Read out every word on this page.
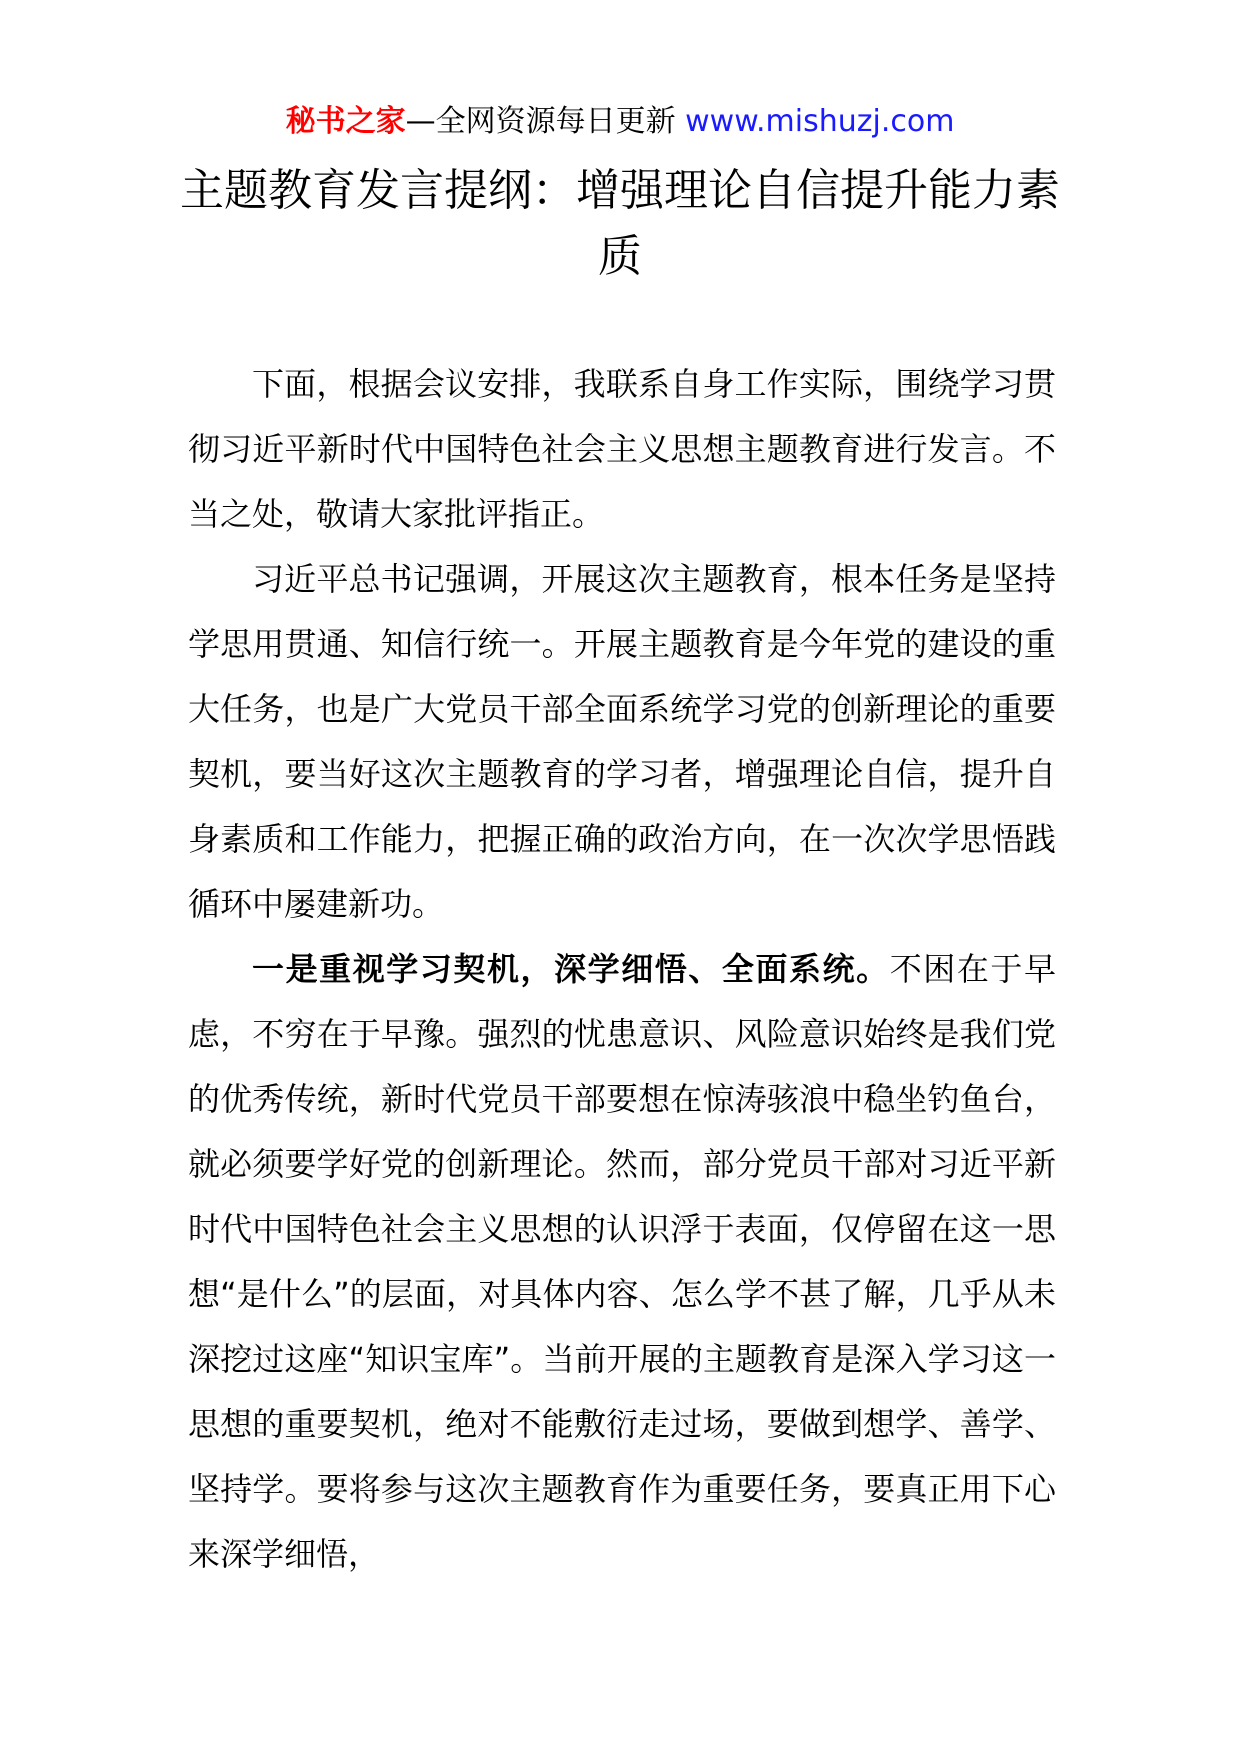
秘书之家—全网资源每日更新 www.mishuzj.com
主题教育发言提纲：增强理论自信提升能力素质

下面，根据会议安排，我联系自身工作实际，围绕学习贯彻习近平新时代中国特色社会主义思想主题教育进行发言。不当之处，敬请大家批评指正。

习近平总书记强调，开展这次主题教育，根本任务是坚持学思用贯通、知信行统一。开展主题教育是今年党的建设的重大任务，也是广大党员干部全面系统学习党的创新理论的重要契机，要当好这次主题教育的学习者，增强理论自信，提升自身素质和工作能力，把握正确的政治方向，在一次次学思悟践循环中屡建新功。

一是重视学习契机，深学细悟、全面系统。不困在于早虑，不穷在于早豫。强烈的忧患意识、风险意识始终是我们党的优秀传统，新时代党员干部要想在惊涛骇浪中稳坐钓鱼台，就必须要学好党的创新理论。然而，部分党员干部对习近平新时代中国特色社会主义思想的认识浮于表面，仅停留在这一思想“是什么”的层面，对具体内容、怎么学不甚了解，几乎从未深挖过这座“知识宝库”。当前开展的主题教育是深入学习这一思想的重要契机，绝对不能敷衍走过场，要做到想学、善学、坚持学。要将参与这次主题教育作为重要任务，要真正用下心来深学细悟，
